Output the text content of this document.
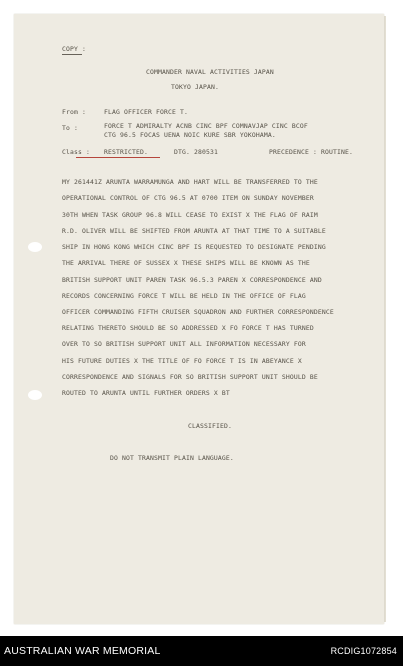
COPY :
COMMANDER NAVAL ACTIVITIES JAPAN
TOKYO JAPAN.
From :	FLAG OFFICER FORCE T.
To :	FORCE T ADMIRALTY ACNB CINC BPF COMNAVJAP CINC BCOF
CTG 96.5 FOCAS UENA NOIC KURE SBR YOKOHAMA.
Class : RESTRICTED.	DTG. 280531	PRECEDENCE : ROUTINE.
MY 261441Z ARUNTA WARRAMUNGA AND HART WILL BE TRANSFERRED TO THE
OPERATIONAL CONTROL OF CTG 96.5 AT 0700 ITEM ON SUNDAY NOVEMBER
30TH WHEN TASK GROUP 96.8 WILL CEASE TO EXIST X THE FLAG OF RAIM
R.D. OLIVER WILL BE SHIFTED FROM ARUNTA AT THAT TIME TO A SUITABLE
SHIP IN HONG KONG WHICH CINC BPF IS REQUESTED TO DESIGNATE PENDING
THE ARRIVAL THERE OF SUSSEX X THESE SHIPS WILL BE KNOWN AS THE
BRITISH SUPPORT UNIT PAREN TASK 96.5.3 PAREN X CORRESPONDENCE AND
RECORDS CONCERNING FORCE T WILL BE HELD IN THE OFFICE OF FLAG
OFFICER COMMANDING FIFTH CRUISER SQUADRON AND FURTHER CORRESPONDENCE
RELATING THERETO SHOULD BE SO ADDRESSED X FO FORCE T HAS TURNED
OVER TO SO BRITISH SUPPORT UNIT ALL INFORMATION NECESSARY FOR
HIS FUTURE DUTIES X THE TITLE OF FO FORCE T IS IN ABEYANCE X
CORRESPONDENCE AND SIGNALS FOR SO BRITISH SUPPORT UNIT SHOULD BE
ROUTED TO ARUNTA UNTIL FURTHER ORDERS X BT
CLASSIFIED.
DO NOT TRANSMIT PLAIN LANGUAGE.
AUSTRALIAN WAR MEMORIAL	RCDIG1072854
